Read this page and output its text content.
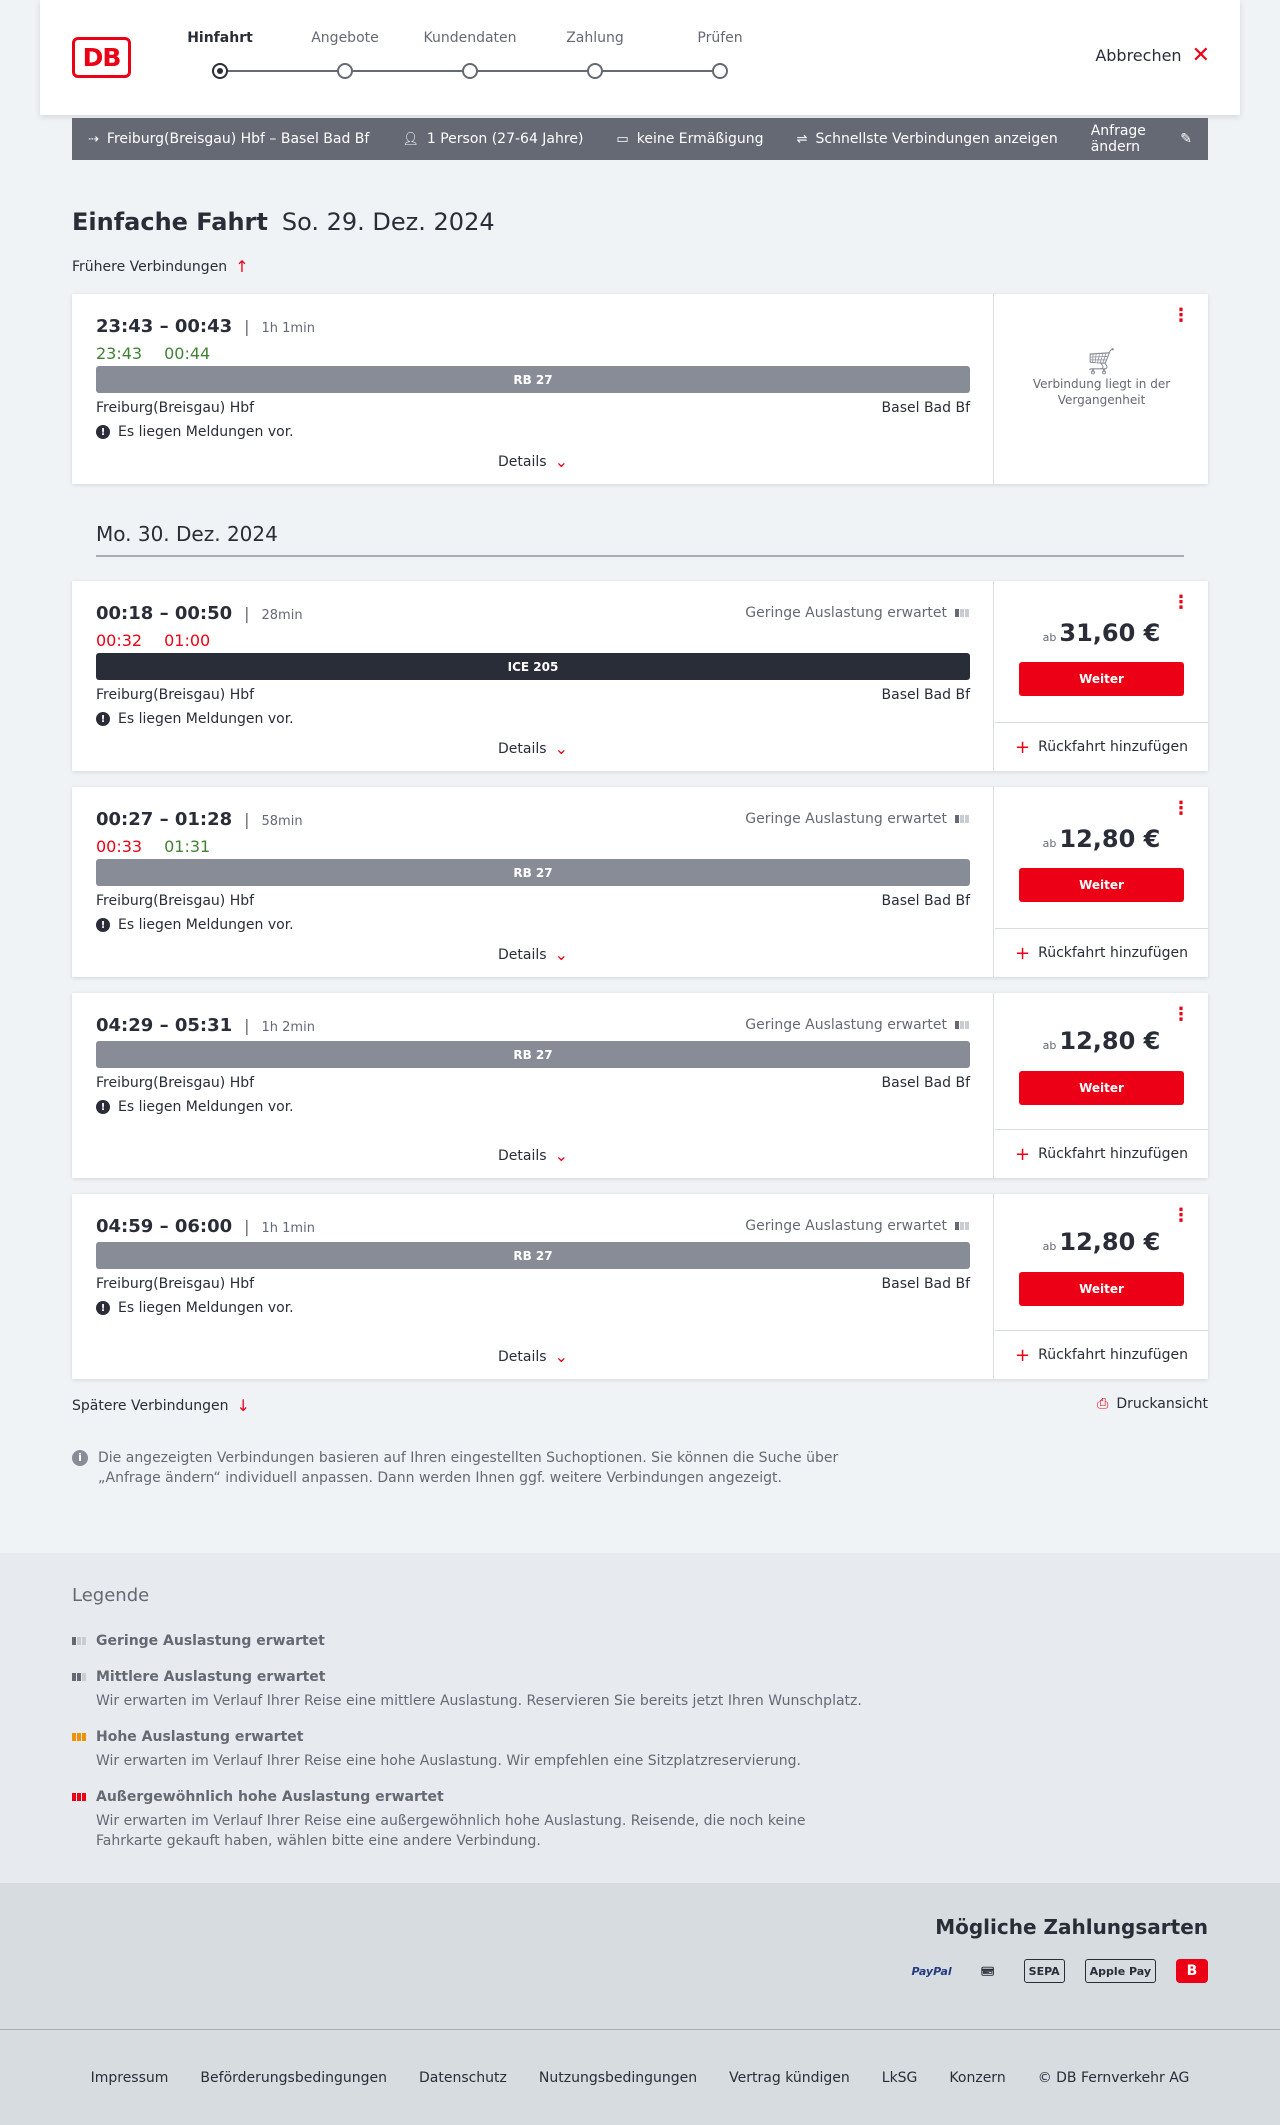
DB
Hinfahrt	Angebote	Kundendaten	Zahlung	Prüfen
Abbrechen ✕
⇢ Freiburg(Breisgau) Hbf – Basel Bad Bf	👤︎ 1 Person (27-64 Jahre)	▭ keine Ermäßigung	⇌ Schnellste Verbindungen anzeigen Anfrage ändern	✎
Einfache Fahrt So. 29. Dez. 2024
Frühere Verbindungen ↑
23:43 – 00:43 | 1h 1min
23:43 00:44
RB 27
Freiburg(Breisgau) Hbf	Basel Bad Bf
! Es liegen Meldungen vor.
Details ⌄
⋮
🛒︎
Verbindung liegt in der Vergangenheit
Mo. 30. Dez. 2024
00:18 – 00:50 | 28min	Geringe Auslastung erwartet
00:32 01:00
ICE 205
Freiburg(Breisgau) Hbf	Basel Bad Bf
! Es liegen Meldungen vor.
Details ⌄
⋮
ab 31,60 €
Weiter
+ Rückfahrt hinzufügen
00:27 – 01:28 | 58min	Geringe Auslastung erwartet
00:33 01:31
RB 27
Freiburg(Breisgau) Hbf	Basel Bad Bf
! Es liegen Meldungen vor.
Details ⌄
⋮
ab 12,80 €
Weiter
+ Rückfahrt hinzufügen
04:29 – 05:31 | 1h 2min	Geringe Auslastung erwartet
RB 27
Freiburg(Breisgau) Hbf	Basel Bad Bf
! Es liegen Meldungen vor.
Details ⌄
⋮
ab 12,80 €
Weiter
+ Rückfahrt hinzufügen
04:59 – 06:00 | 1h 1min	Geringe Auslastung erwartet
RB 27
Freiburg(Breisgau) Hbf	Basel Bad Bf
! Es liegen Meldungen vor.
Details ⌄
⋮
ab 12,80 €
Weiter
+ Rückfahrt hinzufügen
Spätere Verbindungen ↓	⎙ Druckansicht
i	Die angezeigten Verbindungen basieren auf Ihren eingestellten Suchoptionen. Sie können die Suche über „Anfrage ändern“ individuell anpassen. Dann werden Ihnen ggf. weitere Verbindungen angezeigt.
Legende
Geringe Auslastung erwartet
Mittlere Auslastung erwartet
Wir erwarten im Verlauf Ihrer Reise eine mittlere Auslastung. Reservieren Sie bereits jetzt Ihren Wunschplatz.
Hohe Auslastung erwartet
Wir erwarten im Verlauf Ihrer Reise eine hohe Auslastung. Wir empfehlen eine Sitzplatzreservierung.
Außergewöhnlich hohe Auslastung erwartet
Wir erwarten im Verlauf Ihrer Reise eine außergewöhnlich hohe Auslastung. Reisende, die noch keine Fahrkarte gekauft haben, wählen bitte eine andere Verbindung.
Mögliche Zahlungsarten
PayPal	💳︎	SEPA	Apple Pay	B
Impressum Beförderungsbedingungen Datenschutz Nutzungsbedingungen Vertrag kündigen LkSG Konzern © DB Fernverkehr AG
